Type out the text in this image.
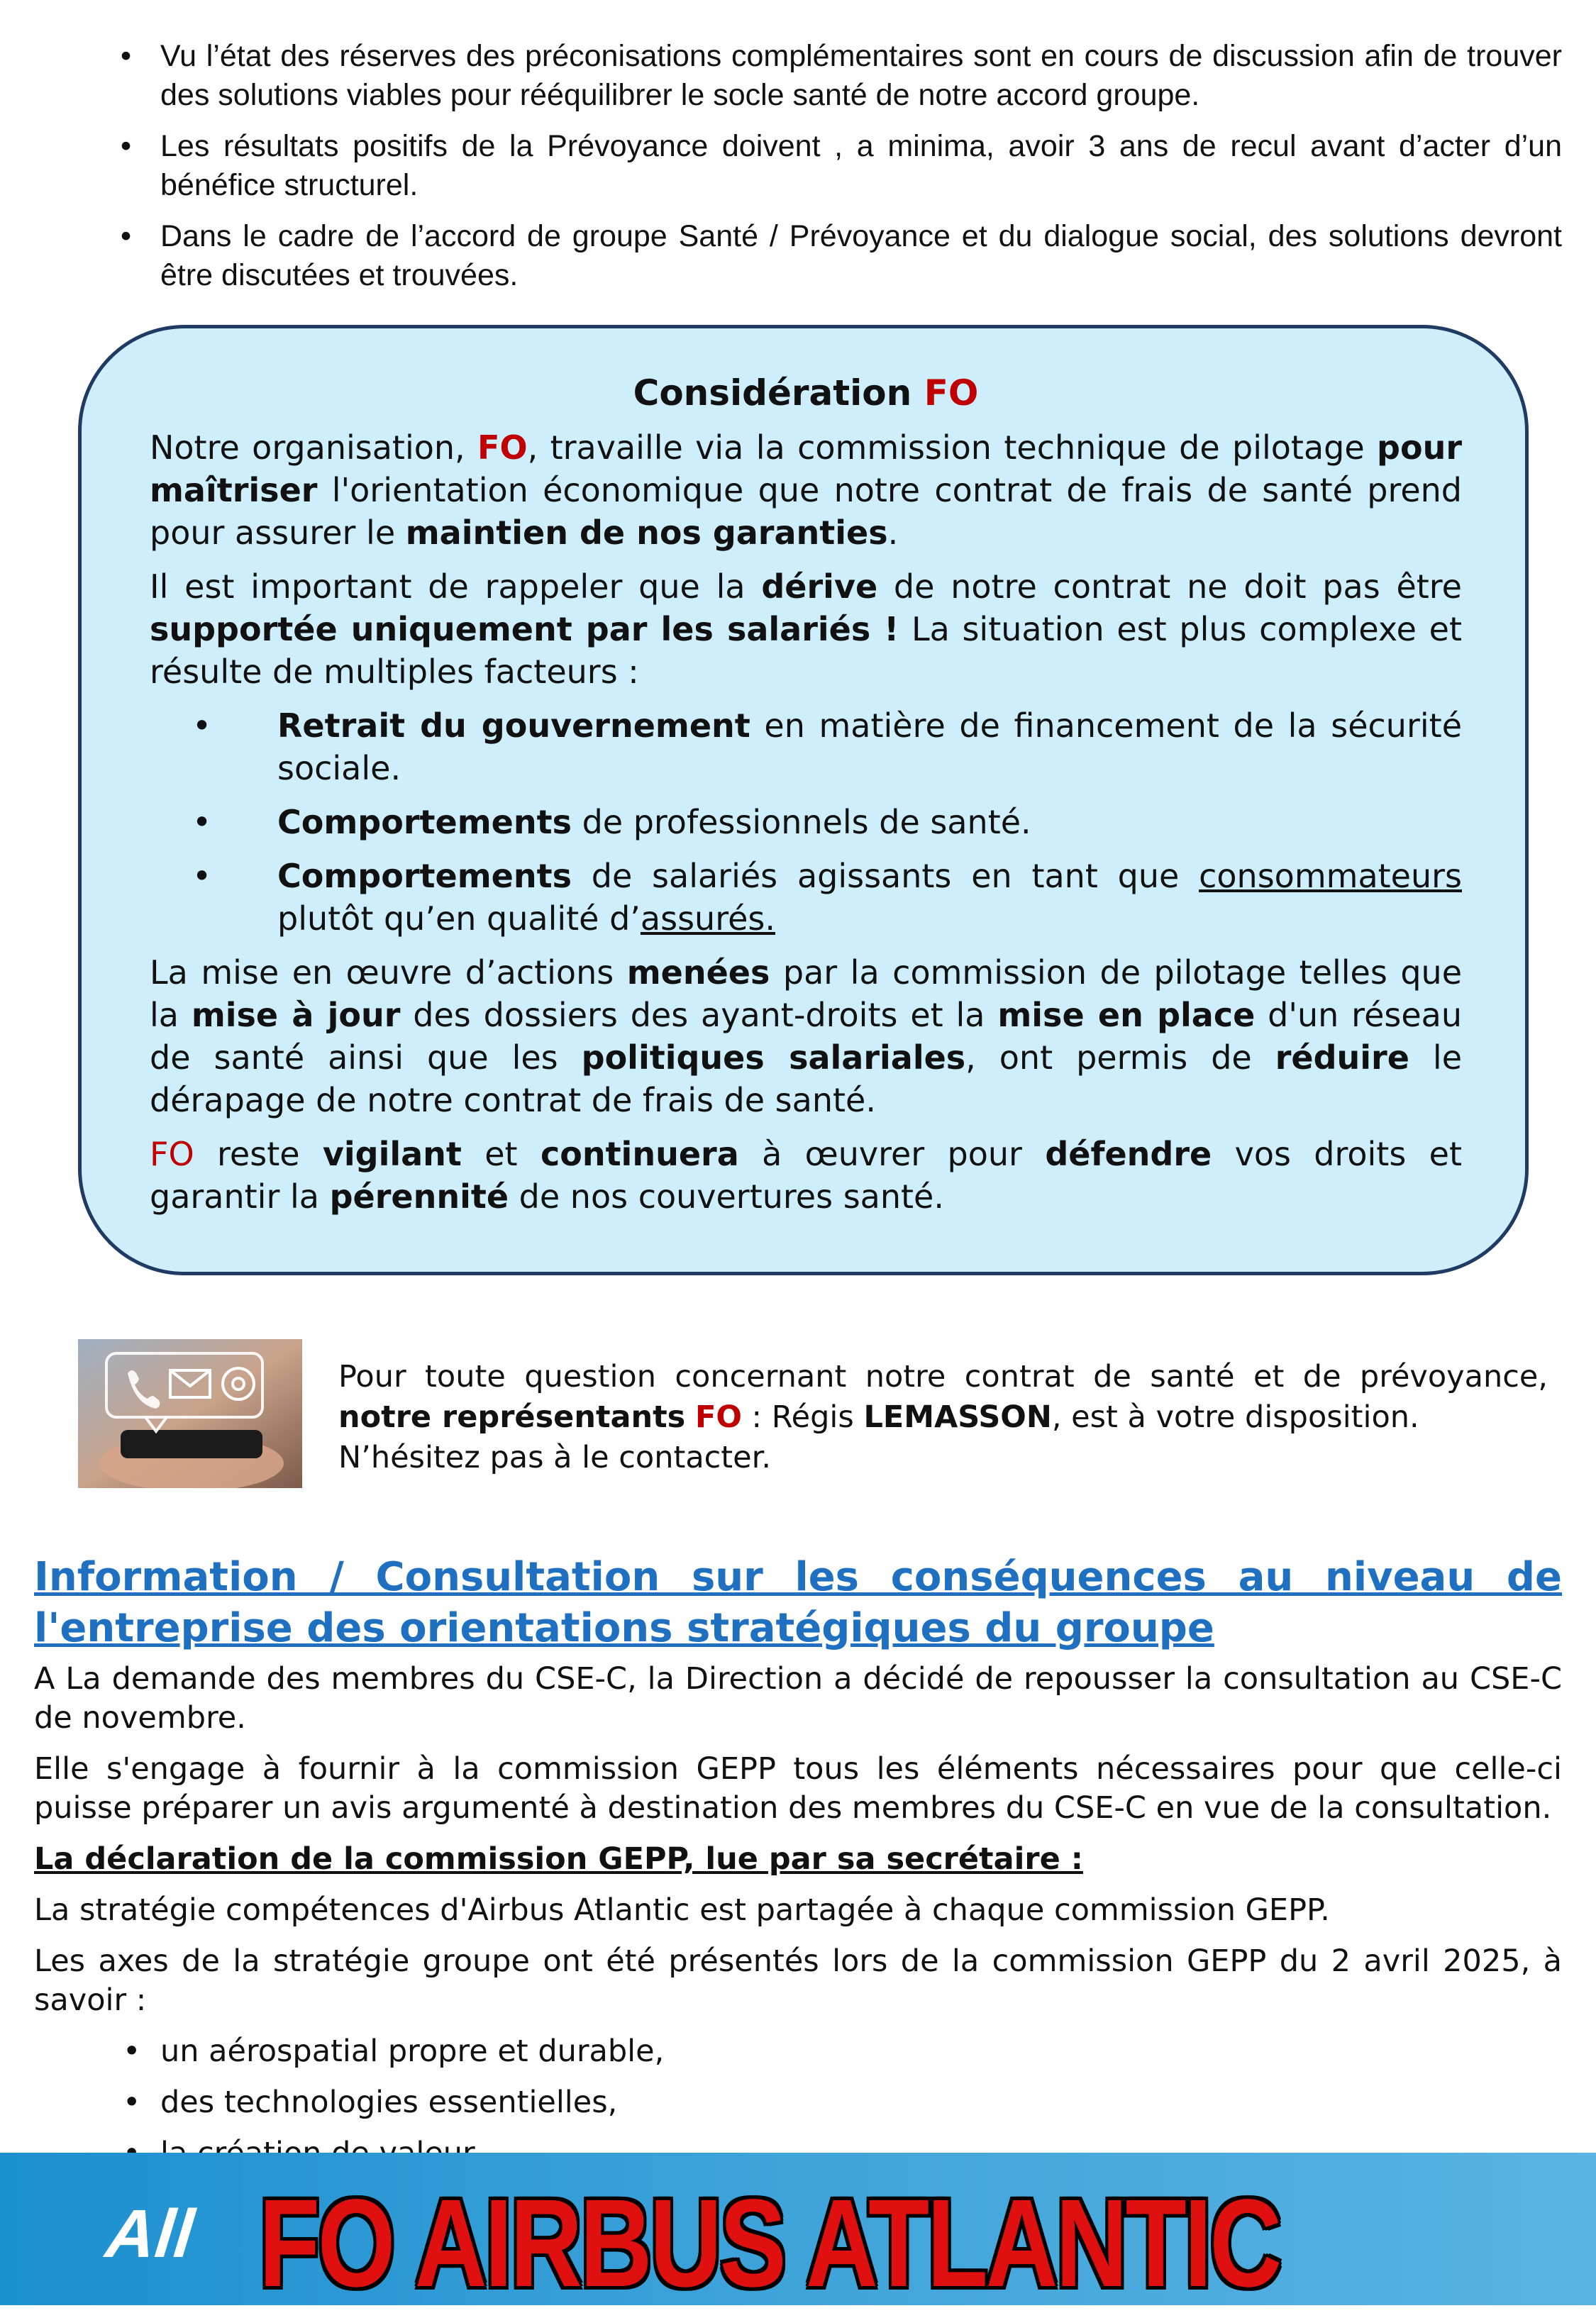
• Vu l’état des réserves des préconisations complémentaires sont en cours de discussion afin de trouver des solutions viables pour rééquilibrer le socle santé de notre accord groupe.
• Les résultats positifs de la Prévoyance doivent , a minima, avoir 3 ans de recul avant d’acter d’un bénéfice structurel.
• Dans le cadre de l’accord de groupe Santé / Prévoyance et du dialogue social, des solutions devront être discutées et trouvées.
Considération FO

Notre organisation, FO, travaille via la commission technique de pilotage pour maîtriser l'orientation économique que notre contrat de frais de santé prend pour assurer le maintien de nos garanties.

Il est important de rappeler que la dérive de notre contrat ne doit pas être supportée uniquement par les salariés ! La situation est plus complexe et résulte de multiples facteurs :

• Retrait du gouvernement en matière de financement de la sécurité sociale.
• Comportements de professionnels de santé.
• Comportements de salariés agissants en tant que consommateurs plutôt qu’en qualité d’assurés.

La mise en œuvre d’actions menées par la commission de pilotage telles que la mise à jour des dossiers des ayant-droits et la mise en place d'un réseau de santé ainsi que les politiques salariales, ont permis de réduire le dérapage de notre contrat de frais de santé.

FO reste vigilant et continuera à œuvrer pour défendre vos droits et garantir la pérennité de nos couvertures santé.

Pour toute question concernant notre contrat de santé et de prévoyance, notre représentants FO : Régis LEMASSON, est à votre disposition.

N’hésitez pas à le contacter.

Information / Consultation sur les conséquences au niveau de l'entreprise des orientations stratégiques du groupe

A La demande des membres du CSE-C, la Direction a décidé de repousser la consultation au CSE-C de novembre.

Elle s'engage à fournir à la commission GEPP tous les éléments nécessaires pour que celle-ci puisse préparer un avis argumenté à destination des membres du CSE-C en vue de la consultation.

La déclaration de la commission GEPP, lue par sa secrétaire :

La stratégie compétences d'Airbus Atlantic est partagée à chaque commission GEPP.

Les axes de la stratégie groupe ont été présentés lors de la commission GEPP du 2 avril 2025, à savoir :

• un aérospatial propre et durable,
• des technologies essentielles,
•
All FO AIRBUS ATLANTIC
